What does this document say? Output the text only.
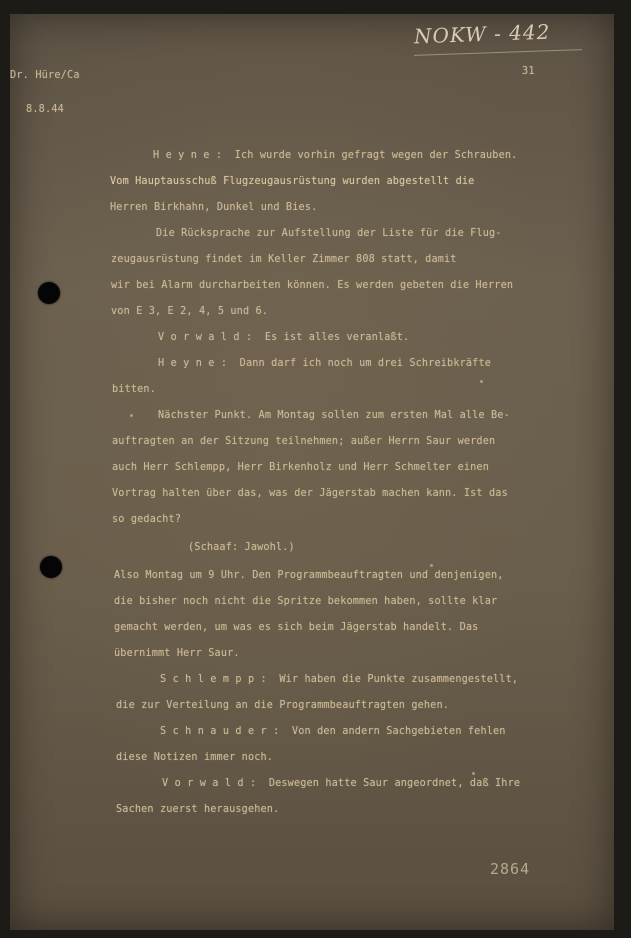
NOKW - 442
Dr. Hüre/Ca
8.8.44
31
H e y n e :  Ich wurde vorhin gefragt wegen der Schrauben.
Vom Hauptausschuß Flugzeugausrüstung wurden abgestellt die
Herren Birkhahn, Dunkel und Bies.
Die Rücksprache zur Aufstellung der Liste für die Flug-
zeugausrüstung findet im Keller Zimmer 808 statt, damit
wir bei Alarm durcharbeiten können. Es werden gebeten die Herren
von E 3, E 2, 4, 5 und 6.
V o r w a l d :  Es ist alles veranlaßt.
H e y n e :  Dann darf ich noch um drei Schreibkräfte
bitten.
Nächster Punkt. Am Montag sollen zum ersten Mal alle Be-
auftragten an der Sitzung teilnehmen; außer Herrn Saur werden
auch Herr Schlempp, Herr Birkenholz und Herr Schmelter einen
Vortrag halten über das, was der Jägerstab machen kann. Ist das
so gedacht?
(Schaaf: Jawohl.)
Also Montag um 9 Uhr. Den Programmbeauftragten und denjenigen,
die bisher noch nicht die Spritze bekommen haben, sollte klar
gemacht werden, um was es sich beim Jägerstab handelt. Das
übernimmt Herr Saur.
S c h l e m p p :  Wir haben die Punkte zusammengestellt,
die zur Verteilung an die Programmbeauftragten gehen.
S c h n a u d e r :  Von den andern Sachgebieten fehlen
diese Notizen immer noch.
V o r w a l d :  Deswegen hatte Saur angeordnet, daß Ihre
Sachen zuerst herausgehen.
2864
